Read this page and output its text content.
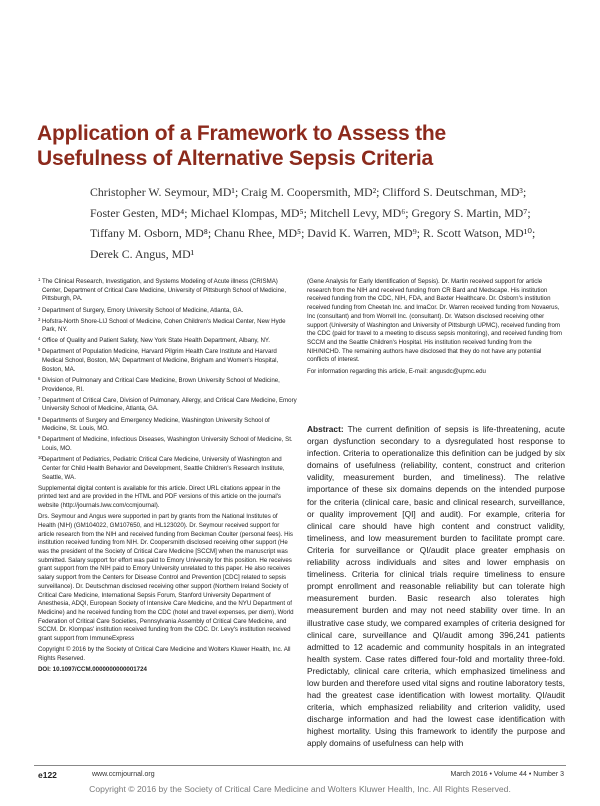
Application of a Framework to Assess the
Usefulness of Alternative Sepsis Criteria
Christopher W. Seymour, MD¹; Craig M. Coopersmith, MD²; Clifford S. Deutschman, MD³;
Foster Gesten, MD⁴; Michael Klompas, MD⁵; Mitchell Levy, MD⁶; Gregory S. Martin, MD⁷;
Tiffany M. Osborn, MD⁸; Chanu Rhee, MD⁵; David K. Warren, MD⁹; R. Scott Watson, MD¹⁰;
Derek C. Angus, MD¹
1 The Clinical Research, Investigation, and Systems Modeling of Acute illness (CRISMA) Center, Department of Critical Care Medicine, University of Pittsburgh School of Medicine, Pittsburgh, PA.
2 Department of Surgery, Emory University School of Medicine, Atlanta, GA.
3 Hofstra-North Shore-LIJ School of Medicine, Cohen Children's Medical Center, New Hyde Park, NY.
4 Office of Quality and Patient Safety, New York State Health Department, Albany, NY.
5 Department of Population Medicine, Harvard Pilgrim Health Care Institute and Harvard Medical School, Boston, MA; Department of Medicine, Brigham and Women's Hospital, Boston, MA.
6 Division of Pulmonary and Critical Care Medicine, Brown University School of Medicine, Providence, RI.
7 Department of Critical Care, Division of Pulmonary, Allergy, and Critical Care Medicine, Emory University School of Medicine, Atlanta, GA.
8 Departments of Surgery and Emergency Medicine, Washington University School of Medicine, St. Louis, MO.
9 Department of Medicine, Infectious Diseases, Washington University School of Medicine, St. Louis, MO.
10 Department of Pediatrics, Pediatric Critical Care Medicine, University of Washington and Center for Child Health Behavior and Development, Seattle Children's Research Institute, Seattle, WA.

Supplemental digital content is available for this article. Direct URL citations appear in the printed text and are provided in the HTML and PDF versions of this article on the journal's website (http://journals.lww.com/ccmjournal).

Drs. Seymour and Angus were supported in part by grants from the National Institutes of Health (NIH) (GM104022, GM107650, and HL123020). Dr. Seymour received support for article research from the NIH and received funding from Beckman Coulter (personal fees). His institution received funding from NIH. Dr. Coopersmith disclosed receiving other support (He was the president of the Society of Critical Care Medicine [SCCM] when the manuscript was submitted. Salary support for effort was paid to Emory University for this position. He receives grant support from the NIH paid to Emory University unrelated to this paper. He also receives salary support from the Centers for Disease Control and Prevention [CDC] related to sepsis surveillance). Dr. Deutschman disclosed receiving other support (Northern Ireland Society of Critical Care Medicine, International Sepsis Forum, Stanford University Department of Anesthesia, ADQI, European Society of Intensive Care Medicine, and the NYU Department of Medicine) and he received funding from the CDC (hotel and travel expenses, per diem), World Federation of Critical Care Societies, Pennsylvania Assembly of Critical Care Medicine, and SCCM. Dr. Klompas' institution received funding from the CDC. Dr. Levy's institution received grant support from ImmuneExpress

Copyright © 2016 by the Society of Critical Care Medicine and Wolters Kluwer Health, Inc. All Rights Reserved.

DOI: 10.1097/CCM.0000000000001724

(Gene Analysis for Early Identification of Sepsis). Dr. Martin received support for article research from the NIH and received funding from CR Bard and Medscape. His institution received funding from the CDC, NIH, FDA, and Baxter Healthcare. Dr. Osborn's institution received funding from Cheetah Inc. and ImaCor. Dr. Warren received funding from Novaerus, Inc (consultant) and from Worrell Inc. (consultant). Dr. Watson disclosed receiving other support (University of Washington and University of Pittsburgh UPMC), received funding from the CDC (paid for travel to a meeting to discuss sepsis monitoring), and received funding from SCCM and the Seattle Children's Hospital. His institution received funding from the NIH/NICHD. The remaining authors have disclosed that they do not have any potential conflicts of interest.

For information regarding this article, E-mail: angusdc@upmc.edu

Abstract: The current definition of sepsis is life-threatening, acute organ dysfunction secondary to a dysregulated host response to infection. Criteria to operationalize this definition can be judged by six domains of usefulness (reliability, content, construct and criterion validity, measurement burden, and timeliness). The relative importance of these six domains depends on the intended purpose for the criteria (clinical care, basic and clinical research, surveillance, or quality improvement [QI] and audit). For example, criteria for clinical care should have high content and construct validity, timeliness, and low measurement burden to facilitate prompt care. Criteria for surveillance or QI/audit place greater emphasis on reliability across individuals and sites and lower emphasis on timeliness. Criteria for clinical trials require timeliness to ensure prompt enrollment and reasonable reliability but can tolerate high measurement burden. Basic research also tolerates high measurement burden and may not need stability over time. In an illustrative case study, we compared examples of criteria designed for clinical care, surveillance and QI/audit among 396,241 patients admitted to 12 academic and community hospitals in an integrated health system. Case rates differed four-fold and mortality three-fold. Predictably, clinical care criteria, which emphasized timeliness and low burden and therefore used vital signs and routine laboratory tests, had the greatest case identification with lowest mortality. QI/audit criteria, which emphasized reliability and criterion validity, used discharge information and had the lowest case identification with highest mortality. Using this framework to identify the purpose and apply domains of usefulness can help with
e122	www.ccmjournal.org	March 2016 • Volume 44 • Number 3
Copyright © 2016 by the Society of Critical Care Medicine and Wolters Kluwer Health, Inc. All Rights Reserved.
